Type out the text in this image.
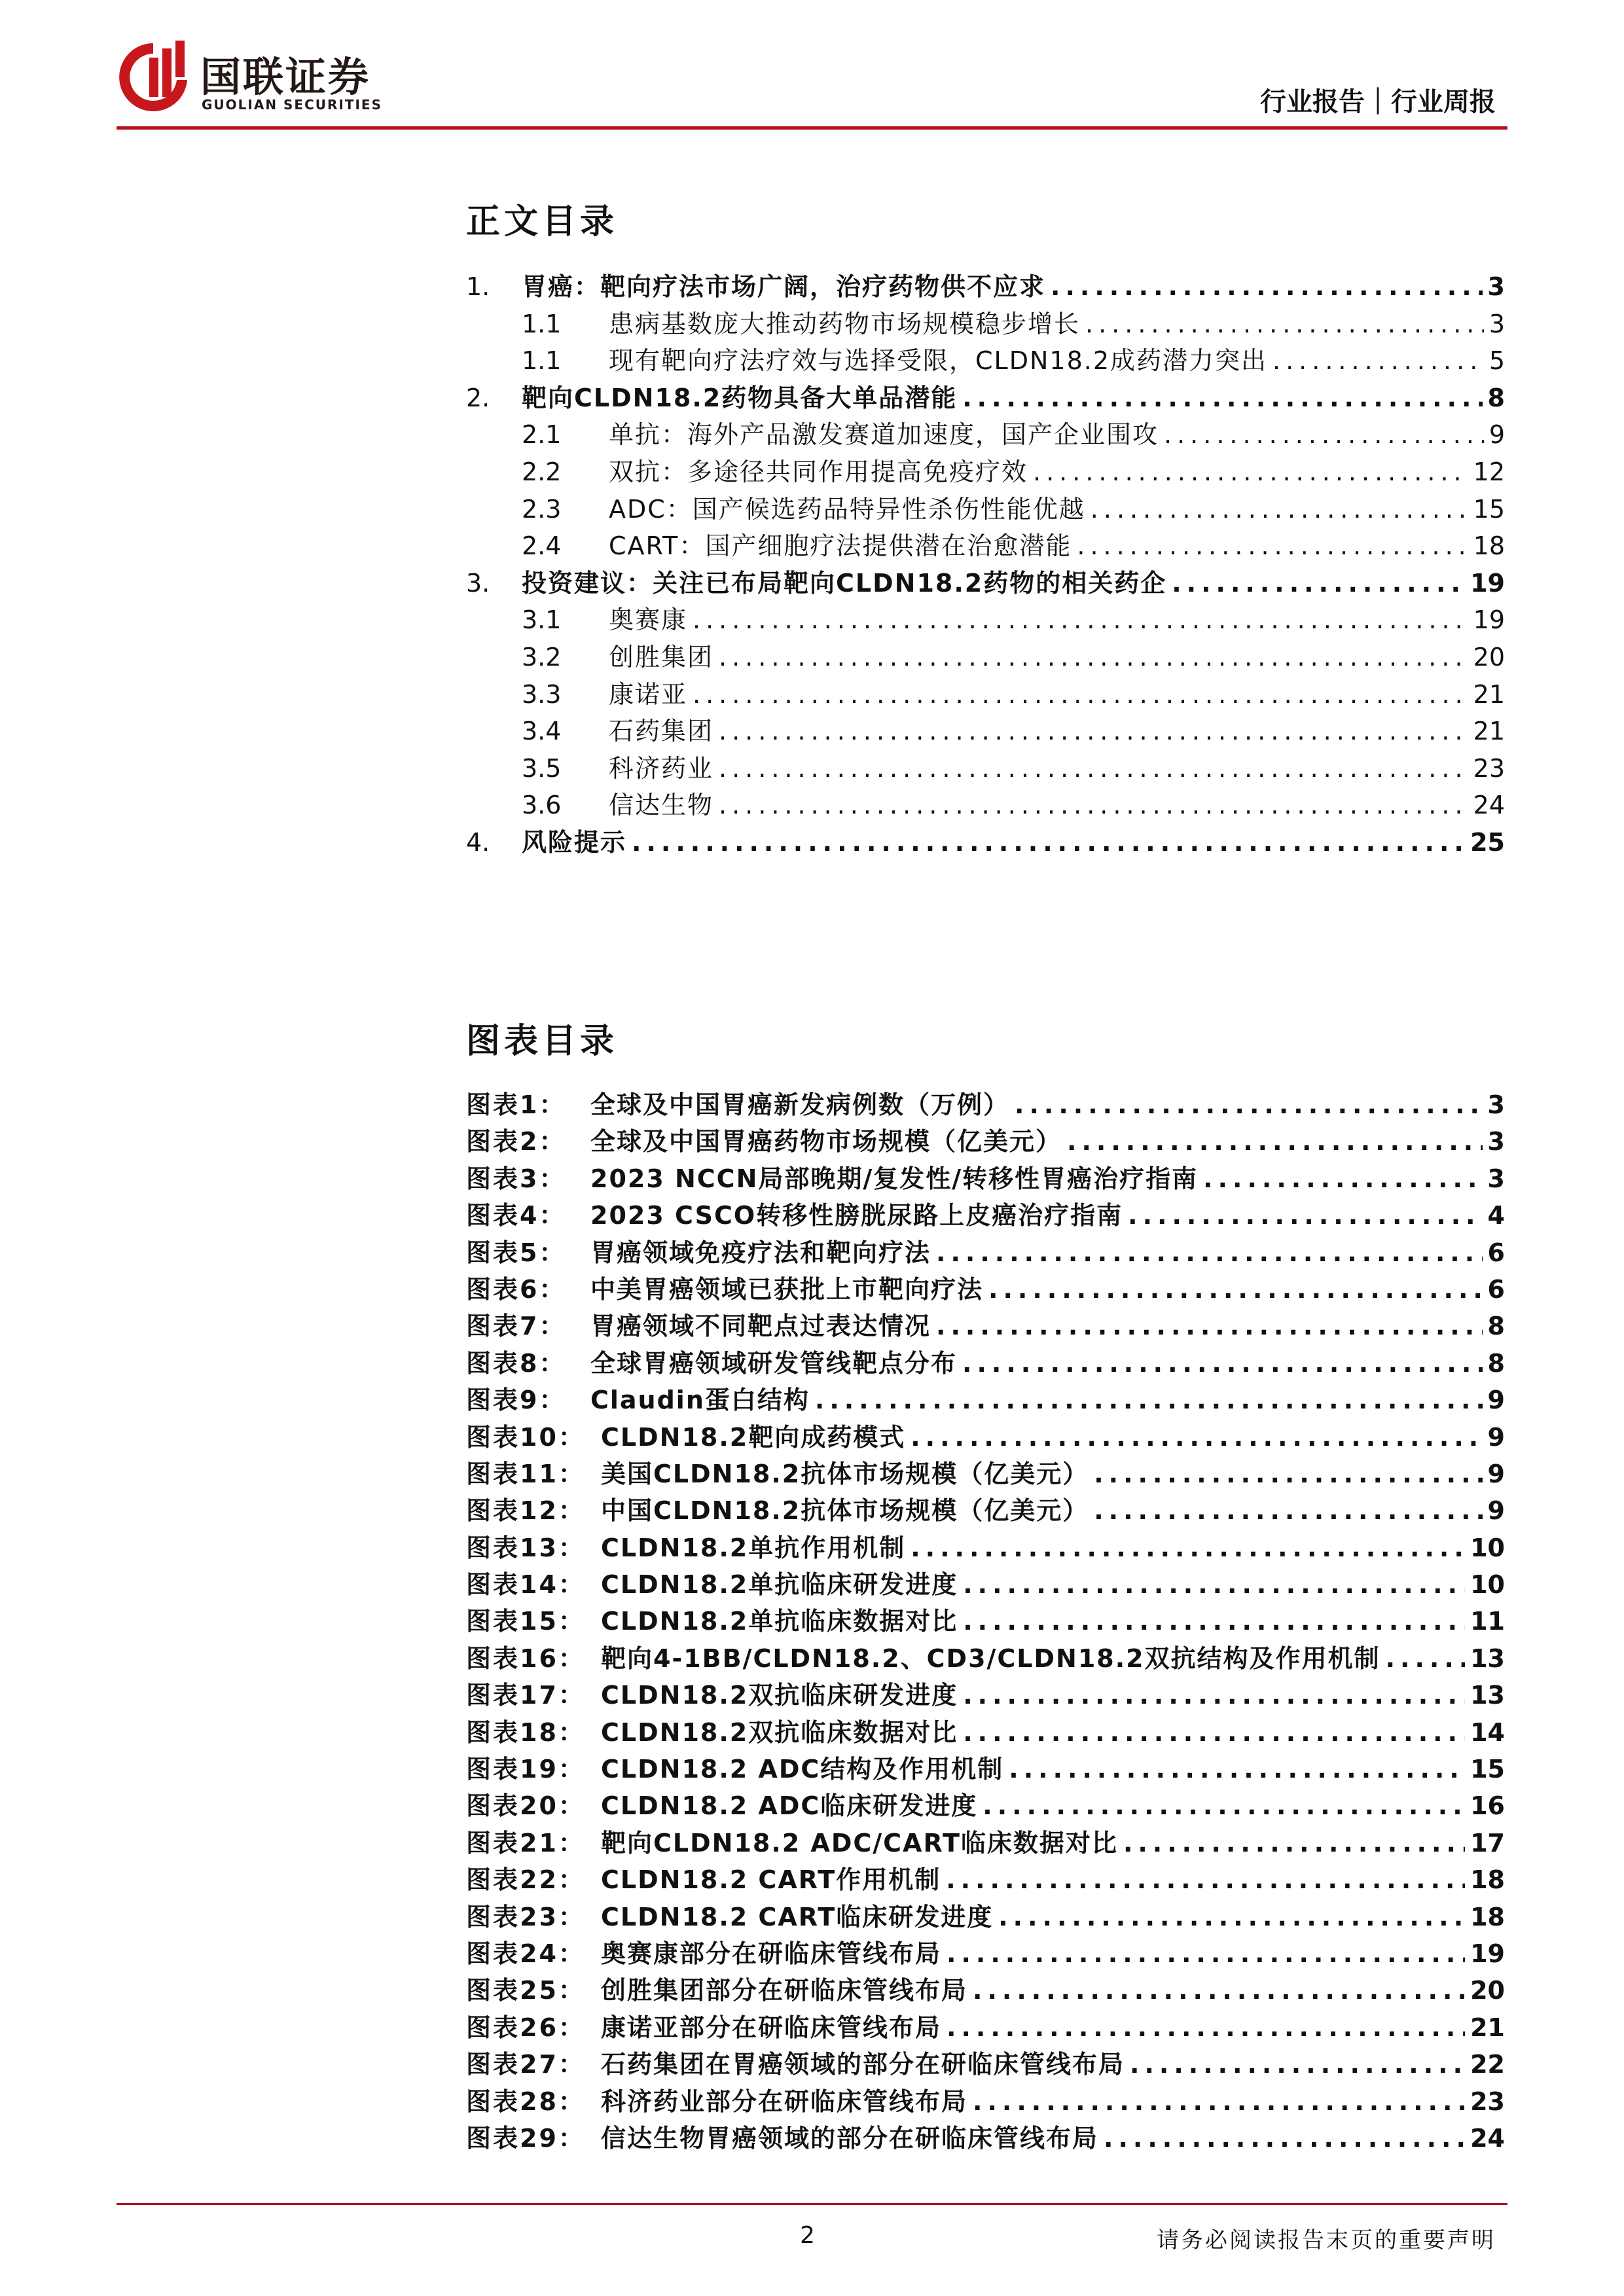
国联证券
GUOLIAN SECURITIES	行业报告｜行业周报
正文目录
1. 胃癌：靶向疗法市场广阔，治疗药物供不应求 .....	3
1.1 患病基数庞大推动药物市场规模稳步增长 .....	3
1.1 现有靶向疗法疗效与选择受限，CLDN18.2成药潜力突出 .....	5
2. 靶向CLDN18.2药物具备大单品潜能 .....	8
2.1 单抗：海外产品激发赛道加速度，国产企业围攻 .....	9
2.2 双抗：多途径共同作用提高免疫疗效 .....	12
2.3 ADC：国产候选药品特异性杀伤性能优越 .....	15
2.4 CART：国产细胞疗法提供潜在治愈潜能 .....	18
3. 投资建议：关注已布局靶向CLDN18.2药物的相关药企 .....	19
3.1 奥赛康 .....	19
3.2 创胜集团 .....	20
3.3 康诺亚 .....	21
3.4 石药集团 .....	21
3.5 科济药业 .....	23
3.6 信达生物 .....	24
4. 风险提示 .....	25
图表目录
图表1： 全球及中国胃癌新发病例数（万例） .....	3
图表2： 全球及中国胃癌药物市场规模（亿美元） .....	3
图表3： 2023 NCCN局部晚期/复发性/转移性胃癌治疗指南 .....	3
图表4： 2023 CSCO转移性膀胱尿路上皮癌治疗指南 .....	4
图表5： 胃癌领域免疫疗法和靶向疗法 .....	6
图表6： 中美胃癌领域已获批上市靶向疗法 .....	6
图表7： 胃癌领域不同靶点过表达情况 .....	8
图表8： 全球胃癌领域研发管线靶点分布 .....	8
图表9： Claudin蛋白结构 .....	9
图表10： CLDN18.2靶向成药模式 .....	9
图表11： 美国CLDN18.2抗体市场规模（亿美元） .....	9
图表12： 中国CLDN18.2抗体市场规模（亿美元） .....	9
图表13： CLDN18.2单抗作用机制 .....	10
图表14： CLDN18.2单抗临床研发进度 .....	10
图表15： CLDN18.2单抗临床数据对比 .....	11
图表16： 靶向4-1BB/CLDN18.2、CD3/CLDN18.2双抗结构及作用机制 .....	13
图表17： CLDN18.2双抗临床研发进度 .....	13
图表18： CLDN18.2双抗临床数据对比 .....	14
图表19： CLDN18.2 ADC结构及作用机制 .....	15
图表20： CLDN18.2 ADC临床研发进度 .....	16
图表21： 靶向CLDN18.2 ADC/CART临床数据对比 .....	17
图表22： CLDN18.2 CART作用机制 .....	18
图表23： CLDN18.2 CART临床研发进度 .....	18
图表24： 奥赛康部分在研临床管线布局 .....	19
图表25： 创胜集团部分在研临床管线布局 .....	20
图表26： 康诺亚部分在研临床管线布局 .....	21
图表27： 石药集团在胃癌领域的部分在研临床管线布局 .....	22
图表28： 科济药业部分在研临床管线布局 .....	23
图表29： 信达生物胃癌领域的部分在研临床管线布局 .....	24
2	请务必阅读报告末页的重要声明
